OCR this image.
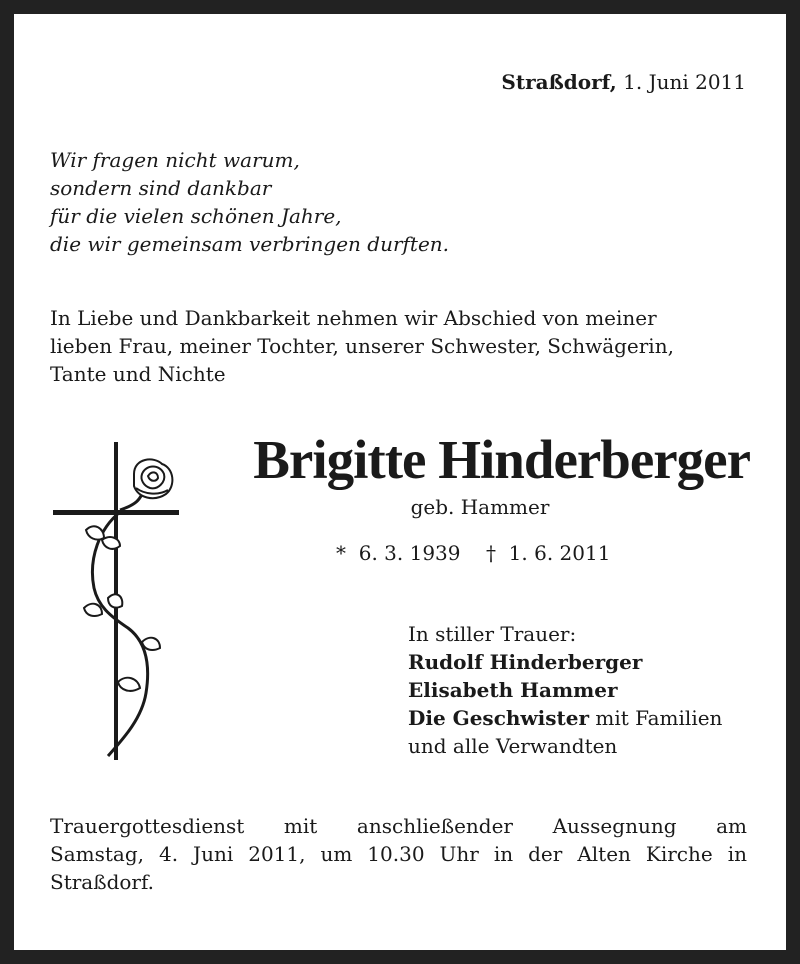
Straßdorf, 1. Juni 2011
Wir fragen nicht warum,
sondern sind dankbar
für die vielen schönen Jahre,
die wir gemeinsam verbringen durften.
In Liebe und Dankbarkeit nehmen wir Abschied von meiner
lieben Frau, meiner Tochter, unserer Schwester, Schwägerin,
Tante und Nichte
Brigitte Hinderberger
geb. Hammer
*  6. 3. 1939 †  1. 6. 2011
In stiller Trauer:
Rudolf Hinderberger
Elisabeth Hammer
Die Geschwister mit Familien
und alle Verwandten
Trauergottesdienst mit anschließender Aussegnung am
Samstag, 4. Juni 2011, um 10.30 Uhr in der Alten Kirche in
Straßdorf.
